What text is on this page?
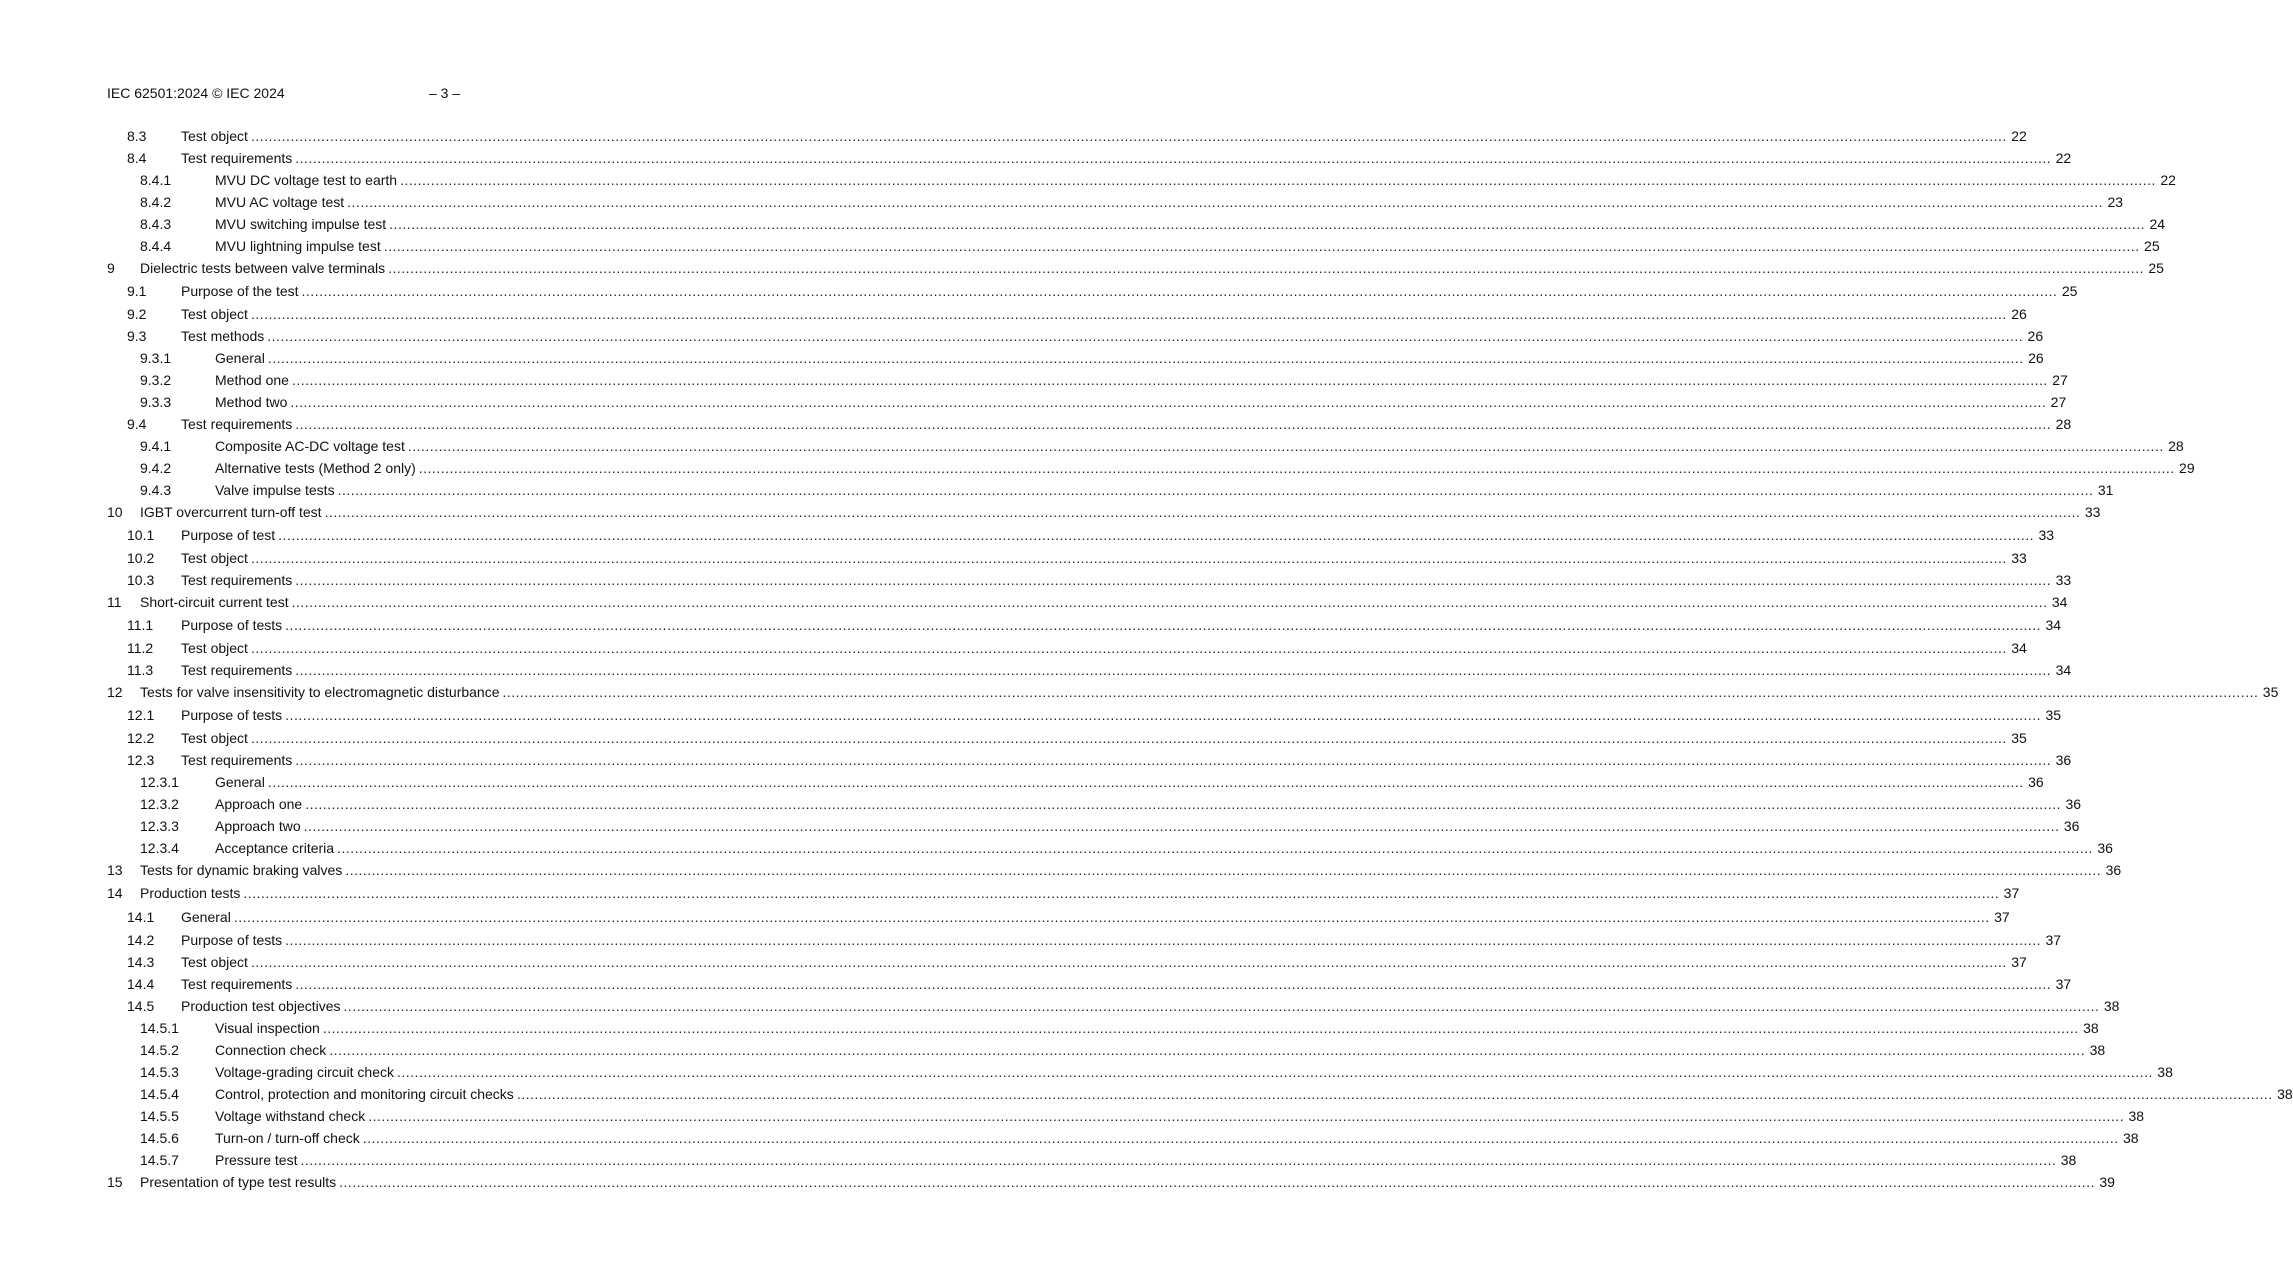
IEC 62501:2024 © IEC 2024	– 3 –
8.3	Test object ................................................................................................................................................................................................................................................................................................................................................................................................................ 22
8.4	Test requirements ................................................................................................................................................................................................................................................................................................................................................................................................................ 22
8.4.1	MVU DC voltage test to earth ................................................................................................................................................................................................................................................................................................................................................................................................................ 22
8.4.2	MVU AC voltage test ................................................................................................................................................................................................................................................................................................................................................................................................................ 23
8.4.3	MVU switching impulse test ................................................................................................................................................................................................................................................................................................................................................................................................................ 24
8.4.4	MVU lightning impulse test ................................................................................................................................................................................................................................................................................................................................................................................................................ 25
9	Dielectric tests between valve terminals ................................................................................................................................................................................................................................................................................................................................................................................................................ 25
9.1	Purpose of the test ................................................................................................................................................................................................................................................................................................................................................................................................................ 25
9.2	Test object ................................................................................................................................................................................................................................................................................................................................................................................................................ 26
9.3	Test methods ................................................................................................................................................................................................................................................................................................................................................................................................................ 26
9.3.1	General ................................................................................................................................................................................................................................................................................................................................................................................................................ 26
9.3.2	Method one ................................................................................................................................................................................................................................................................................................................................................................................................................ 27
9.3.3	Method two ................................................................................................................................................................................................................................................................................................................................................................................................................ 27
9.4	Test requirements ................................................................................................................................................................................................................................................................................................................................................................................................................ 28
9.4.1	Composite AC-DC voltage test ................................................................................................................................................................................................................................................................................................................................................................................................................ 28
9.4.2	Alternative tests (Method 2 only) ................................................................................................................................................................................................................................................................................................................................................................................................................ 29
9.4.3	Valve impulse tests ................................................................................................................................................................................................................................................................................................................................................................................................................ 31
10	IGBT overcurrent turn-off test ................................................................................................................................................................................................................................................................................................................................................................................................................ 33
10.1	Purpose of test ................................................................................................................................................................................................................................................................................................................................................................................................................ 33
10.2	Test object ................................................................................................................................................................................................................................................................................................................................................................................................................ 33
10.3	Test requirements ................................................................................................................................................................................................................................................................................................................................................................................................................ 33
11	Short-circuit current test ................................................................................................................................................................................................................................................................................................................................................................................................................ 34
11.1	Purpose of tests ................................................................................................................................................................................................................................................................................................................................................................................................................ 34
11.2	Test object ................................................................................................................................................................................................................................................................................................................................................................................................................ 34
11.3	Test requirements ................................................................................................................................................................................................................................................................................................................................................................................................................ 34
12	Tests for valve insensitivity to electromagnetic disturbance ................................................................................................................................................................................................................................................................................................................................................................................................................ 35
12.1	Purpose of tests ................................................................................................................................................................................................................................................................................................................................................................................................................ 35
12.2	Test object ................................................................................................................................................................................................................................................................................................................................................................................................................ 35
12.3	Test requirements ................................................................................................................................................................................................................................................................................................................................................................................................................ 36
12.3.1	General ................................................................................................................................................................................................................................................................................................................................................................................................................ 36
12.3.2	Approach one ................................................................................................................................................................................................................................................................................................................................................................................................................ 36
12.3.3	Approach two ................................................................................................................................................................................................................................................................................................................................................................................................................ 36
12.3.4	Acceptance criteria ................................................................................................................................................................................................................................................................................................................................................................................................................ 36
13	Tests for dynamic braking valves ................................................................................................................................................................................................................................................................................................................................................................................................................ 36
14	Production tests ................................................................................................................................................................................................................................................................................................................................................................................................................ 37
14.1	General ................................................................................................................................................................................................................................................................................................................................................................................................................ 37
14.2	Purpose of tests ................................................................................................................................................................................................................................................................................................................................................................................................................ 37
14.3	Test object ................................................................................................................................................................................................................................................................................................................................................................................................................ 37
14.4	Test requirements ................................................................................................................................................................................................................................................................................................................................................................................................................ 37
14.5	Production test objectives ................................................................................................................................................................................................................................................................................................................................................................................................................ 38
14.5.1	Visual inspection ................................................................................................................................................................................................................................................................................................................................................................................................................ 38
14.5.2	Connection check ................................................................................................................................................................................................................................................................................................................................................................................................................ 38
14.5.3	Voltage-grading circuit check ................................................................................................................................................................................................................................................................................................................................................................................................................ 38
14.5.4	Control, protection and monitoring circuit checks ................................................................................................................................................................................................................................................................................................................................................................................................................ 38
14.5.5	Voltage withstand check ................................................................................................................................................................................................................................................................................................................................................................................................................ 38
14.5.6	Turn-on / turn-off check ................................................................................................................................................................................................................................................................................................................................................................................................................ 38
14.5.7	Pressure test ................................................................................................................................................................................................................................................................................................................................................................................................................ 38
15	Presentation of type test results ................................................................................................................................................................................................................................................................................................................................................................................................................ 39
